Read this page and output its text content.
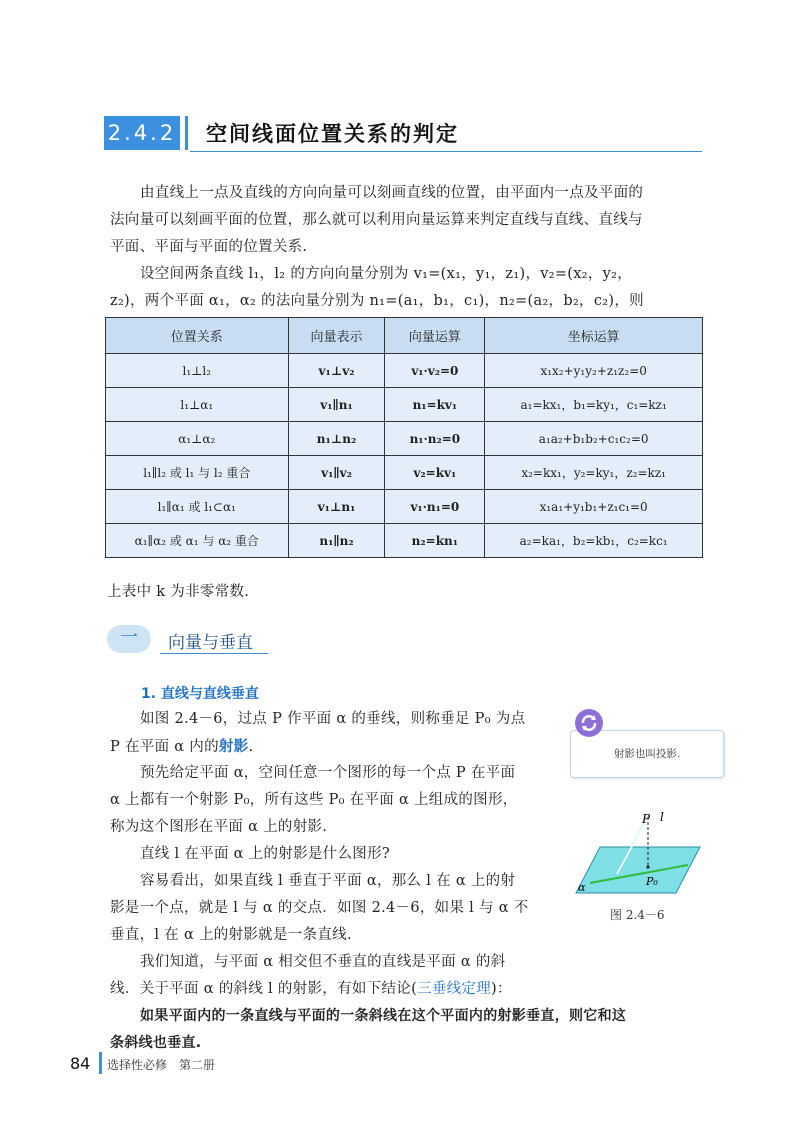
2.4.2 空间线面位置关系的判定
由直线上一点及直线的方向向量可以刻画直线的位置，由平面内一点及平面的
法向量可以刻画平面的位置，那么就可以利用向量运算来判定直线与直线、直线与
平面、平面与平面的位置关系.
设空间两条直线 l₁，l₂ 的方向向量分别为 v₁=(x₁，y₁，z₁)，v₂=(x₂，y₂，
z₂)，两个平面 α₁，α₂ 的法向量分别为 n₁=(a₁，b₁，c₁)，n₂=(a₂，b₂，c₂)，则
位置关系	向量表示	向量运算	坐标运算
l₁⊥l₂	v₁⊥v₂	v₁·v₂=0	x₁x₂+y₁y₂+z₁z₂=0
l₁⊥α₁	v₁∥n₁	n₁=kv₁	a₁=kx₁，b₁=ky₁，c₁=kz₁
α₁⊥α₂	n₁⊥n₂	n₁·n₂=0	a₁a₂+b₁b₂+c₁c₂=0
l₁∥l₂ 或 l₁ 与 l₂ 重合	v₁∥v₂	v₂=kv₁	x₂=kx₁，y₂=ky₁，z₂=kz₁
l₁∥α₁ 或 l₁⊂α₁	v₁⊥n₁	v₁·n₁=0	x₁a₁+y₁b₁+z₁c₁=0
α₁∥α₂ 或 α₁ 与 α₂ 重合	n₁∥n₂	n₂=kn₁	a₂=ka₁，b₂=kb₁，c₂=kc₁
上表中 k 为非零常数.
一	向量与垂直
1. 直线与直线垂直
如图 2.4－6，过点 P 作平面 α 的垂线，则称垂足 P₀ 为点
P 在平面 α 内的射影.
预先给定平面 α，空间任意一个图形的每一个点 P 在平面
α 上都有一个射影 P₀，所有这些 P₀ 在平面 α 上组成的图形，
称为这个图形在平面 α 上的射影.
直线 l 在平面 α 上的射影是什么图形?
容易看出，如果直线 l 垂直于平面 α，那么 l 在 α 上的射
影是一个点，就是 l 与 α 的交点．如图 2.4－6，如果 l 与 α 不
垂直，l 在 α 上的射影就是一条直线.
我们知道，与平面 α 相交但不垂直的直线是平面 α 的斜
线．关于平面 α 的斜线 l 的射影，有如下结论(三垂线定理)：
如果平面内的一条直线与平面的一条斜线在这个平面内的射影垂直，则它和这
条斜线也垂直.
射影也叫投影.
P l
α	P₀
图 2.4－6
84 选择性必修　第二册
